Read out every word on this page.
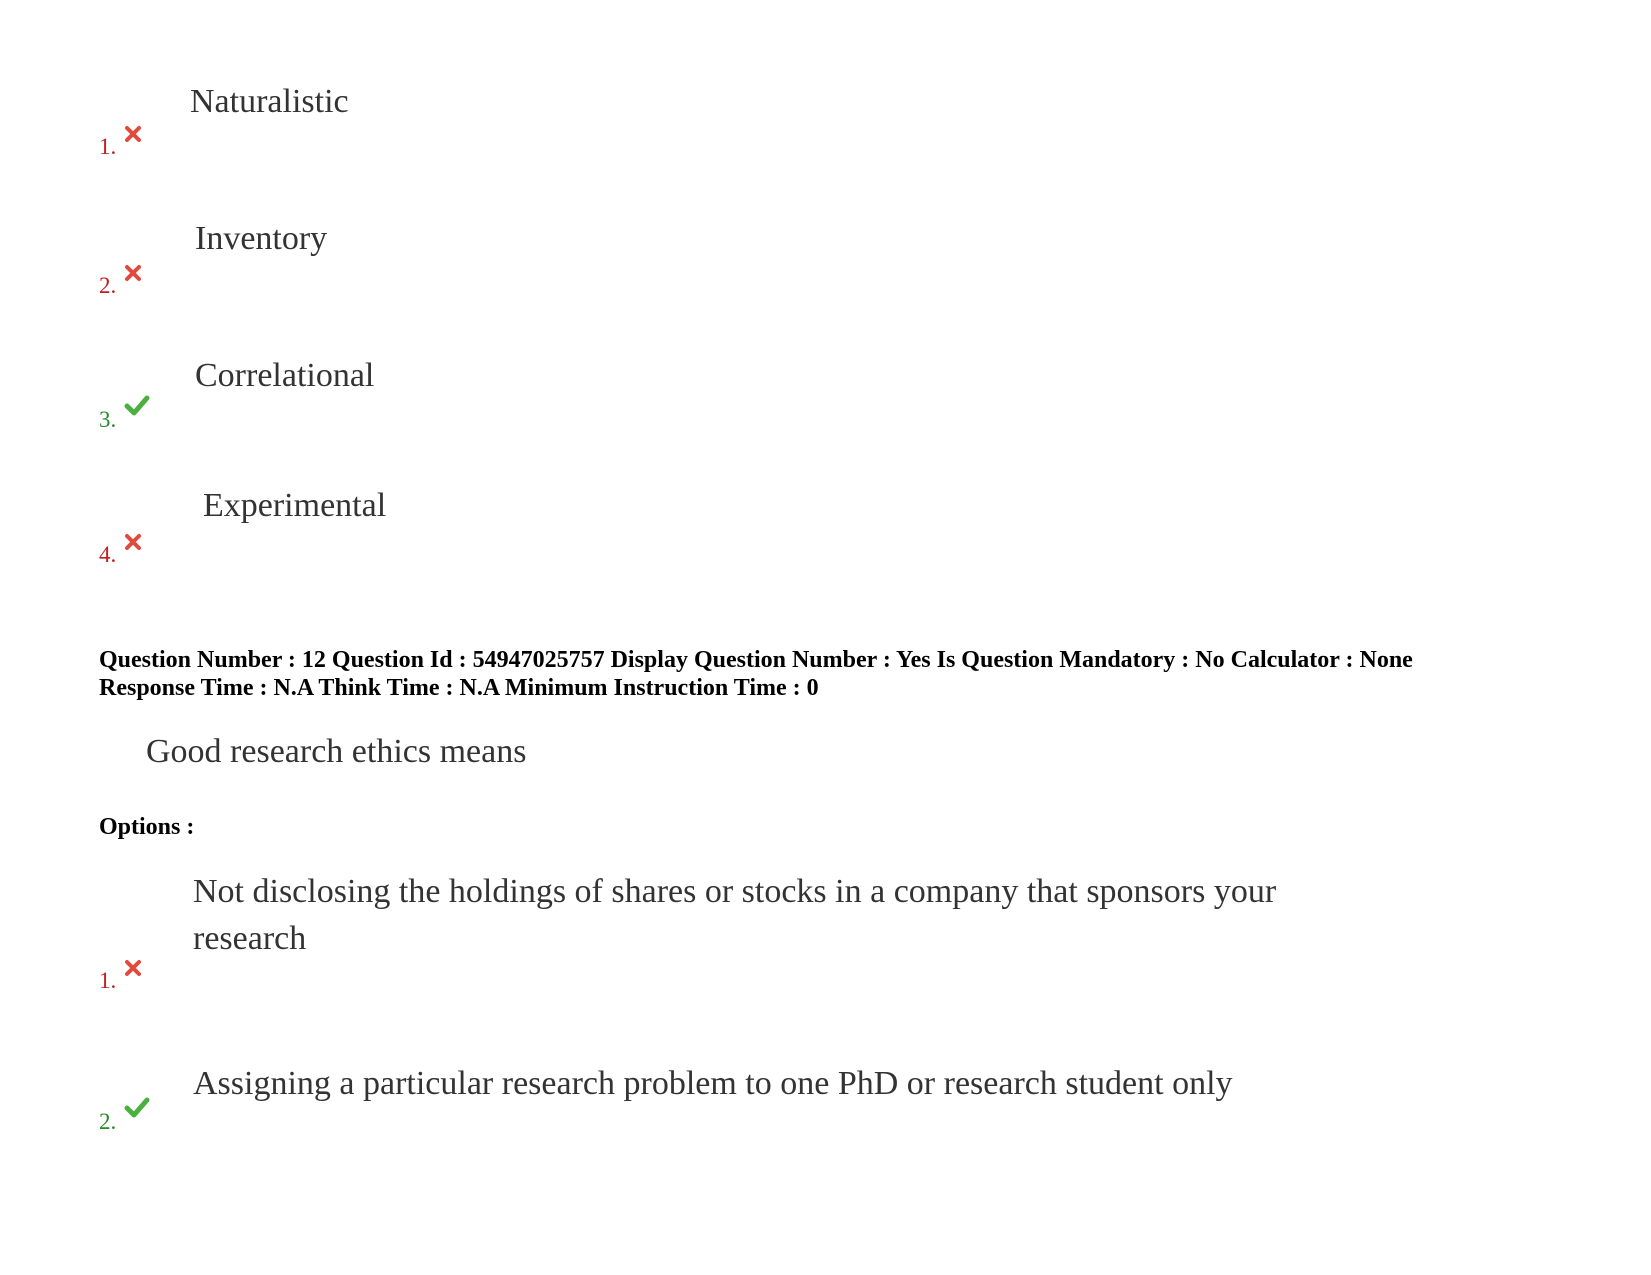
Naturalistic
1.
Inventory
2.
Correlational
3.
Experimental
4.
Question Number : 12 Question Id : 54947025757 Display Question Number : Yes Is Question Mandatory : No Calculator : None
Response Time : N.A Think Time : N.A Minimum Instruction Time : 0
Good research ethics means
Options :
Not disclosing the holdings of shares or stocks in a company that sponsors your research
1.
Assigning a particular research problem to one PhD or research student only
2.
